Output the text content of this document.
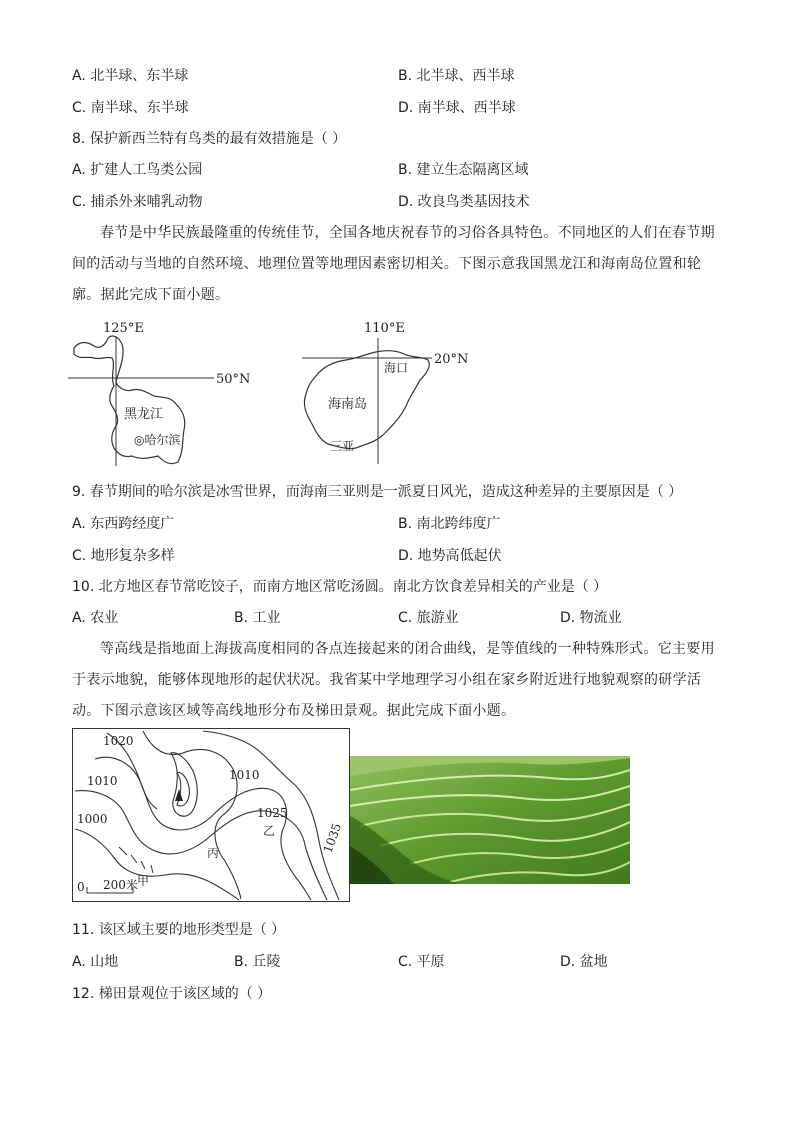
A. 北半球、东半球	B. 北半球、西半球
C. 南半球、东半球	D. 南半球、西半球
8. 保护新西兰特有鸟类的最有效措施是（ ）
A. 扩建人工鸟类公园	B. 建立生态隔离区域
C. 捕杀外来哺乳动物	D. 改良鸟类基因技术
春节是中华民族最隆重的传统佳节，全国各地庆祝春节的习俗各具特色。不同地区的人们在春节期间的活动与当地的自然环境、地理位置等地理因素密切相关。下图示意我国黑龙江和海南岛位置和轮廓。据此完成下面小题。
125°E
50°N
黑龙江
◎哈尔滨
110°E
20°N
海口
海南岛
三亚
9. 春节期间的哈尔滨是冰雪世界，而海南三亚则是一派夏日风光，造成这种差异的主要原因是（ ）
A. 东西跨经度广	B. 南北跨纬度广
C. 地形复杂多样	D. 地势高低起伏
10. 北方地区春节常吃饺子，而南方地区常吃汤圆。南北方饮食差异相关的产业是（ ）
A. 农业	B. 工业	C. 旅游业	D. 物流业
等高线是指地面上海拔高度相同的各点连接起来的闭合曲线，是等值线的一种特殊形式。它主要用于表示地貌，能够体现地形的起伏状况。我省某中学地理学习小组在家乡附近进行地貌观察的研学活动。下图示意该区域等高线地形分布及梯田景观。据此完成下面小题。
1020
1010
1000
1010
1025
1035
甲
乙
丙
0 200米
11. 该区域主要的地形类型是（ ）
A. 山地	B. 丘陵	C. 平原	D. 盆地
12. 梯田景观位于该区域的（ ）
